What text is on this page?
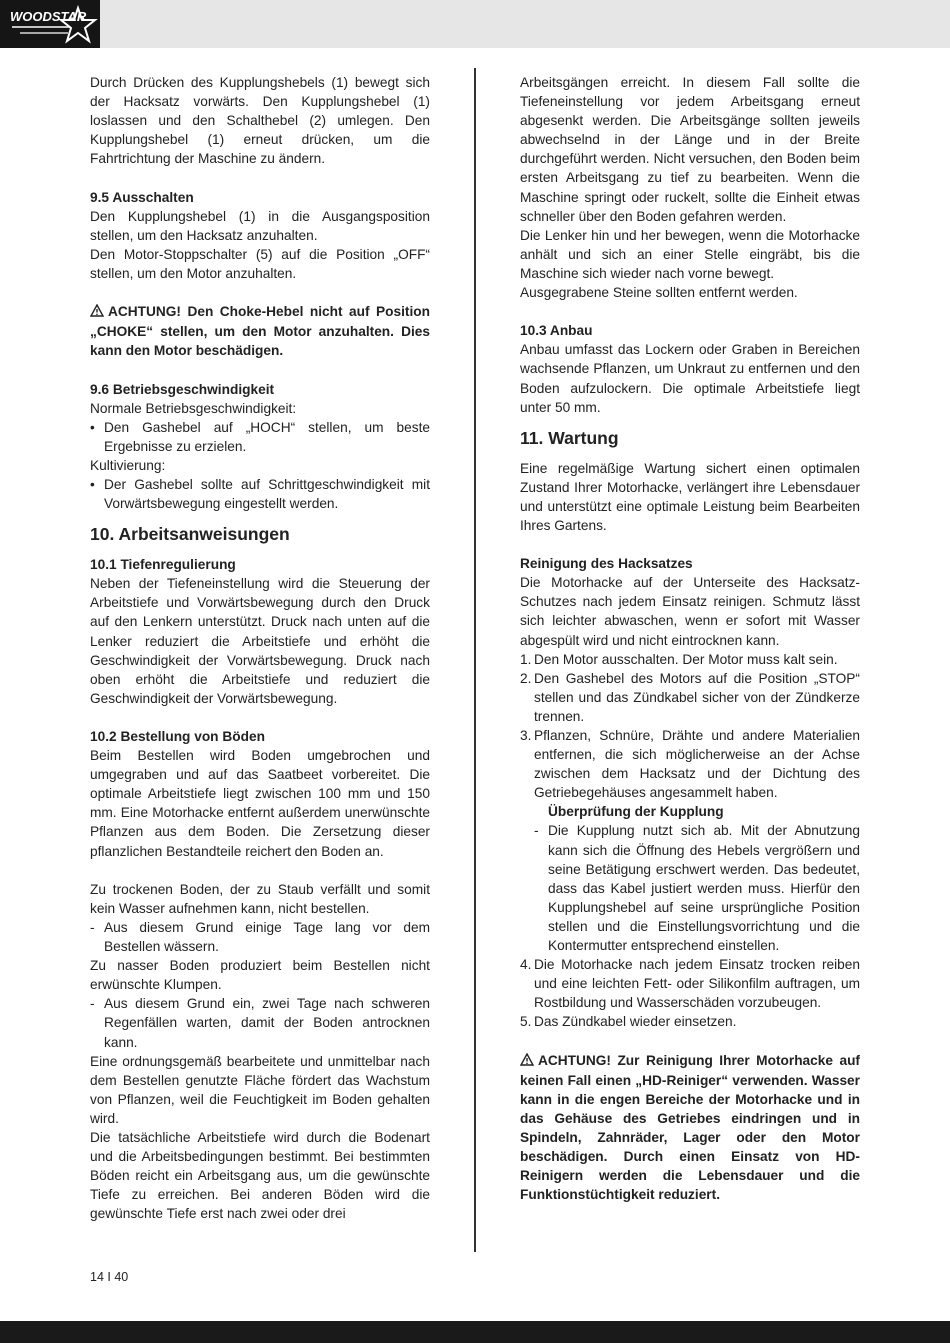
WOODSTAR

Durch Drücken des Kupplungshebels (1) bewegt sich der Hacksatz vorwärts. Den Kupplungshebel (1) loslassen und den Schalthebel (2) umlegen. Den Kupplungshebel (1) erneut drücken, um die Fahrtrichtung der Maschine zu ändern.

9.5 Ausschalten

Den Kupplungshebel (1) in die Ausgangsposition stellen, um den Hacksatz anzuhalten.

Den Motor-Stoppschalter (5) auf die Position „OFF“ stellen, um den Motor anzuhalten.

ACHTUNG! Den Choke-Hebel nicht auf Position „CHOKE“ stellen, um den Motor anzuhalten. Dies kann den Motor beschädigen.

9.6 Betriebsgeschwindigkeit

Normale Betriebsgeschwindigkeit:

• Den Gashebel auf „HOCH“ stellen, um beste Ergebnisse zu erzielen.

Kultivierung:

• Der Gashebel sollte auf Schrittgeschwindigkeit mit Vorwärtsbewegung eingestellt werden.

10. Arbeitsanweisungen

10.1 Tiefenregulierung

Neben der Tiefeneinstellung wird die Steuerung der Arbeitstiefe und Vorwärtsbewegung durch den Druck auf den Lenkern unterstützt. Druck nach unten auf die Lenker reduziert die Arbeitstiefe und erhöht die Geschwindigkeit der Vorwärtsbewegung. Druck nach oben erhöht die Arbeitstiefe und reduziert die Geschwindigkeit der Vorwärtsbewegung.

10.2 Bestellung von Böden

Beim Bestellen wird Boden umgebrochen und umgegraben und auf das Saatbeet vorbereitet. Die optimale Arbeitstiefe liegt zwischen 100 mm und 150 mm. Eine Motorhacke entfernt außerdem unerwünschte Pflanzen aus dem Boden. Die Zersetzung dieser pflanzlichen Bestandteile reichert den Boden an.

Zu trockenen Boden, der zu Staub verfällt und somit kein Wasser aufnehmen kann, nicht bestellen.

- Aus diesem Grund einige Tage lang vor dem Bestellen wässern.

Zu nasser Boden produziert beim Bestellen nicht erwünschte Klumpen.

- Aus diesem Grund ein, zwei Tage nach schweren Regenfällen warten, damit der Boden antrocknen kann.

Eine ordnungsgemäß bearbeitete und unmittelbar nach dem Bestellen genutzte Fläche fördert das Wachstum von Pflanzen, weil die Feuchtigkeit im Boden gehalten wird.

Die tatsächliche Arbeitstiefe wird durch die Bodenart und die Arbeitsbedingungen bestimmt. Bei bestimmten Böden reicht ein Arbeitsgang aus, um die gewünschte Tiefe zu erreichen. Bei anderen Böden wird die gewünschte Tiefe erst nach zwei oder drei

Arbeitsgängen erreicht. In diesem Fall sollte die Tiefeneinstellung vor jedem Arbeitsgang erneut abgesenkt werden. Die Arbeitsgänge sollten jeweils abwechselnd in der Länge und in der Breite durchgeführt werden. Nicht versuchen, den Boden beim ersten Arbeitsgang zu tief zu bearbeiten. Wenn die Maschine springt oder ruckelt, sollte die Einheit etwas schneller über den Boden gefahren werden.

Die Lenker hin und her bewegen, wenn die Motorhacke anhält und sich an einer Stelle eingräbt, bis die Maschine sich wieder nach vorne bewegt.

Ausgegrabene Steine sollten entfernt werden.

10.3 Anbau

Anbau umfasst das Lockern oder Graben in Bereichen wachsende Pflanzen, um Unkraut zu entfernen und den Boden aufzulockern. Die optimale Arbeitstiefe liegt unter 50 mm.

11. Wartung

Eine regelmäßige Wartung sichert einen optimalen Zustand Ihrer Motorhacke, verlängert ihre Lebensdauer und unterstützt eine optimale Leistung beim Bearbeiten Ihres Gartens.

Reinigung des Hacksatzes

Die Motorhacke auf der Unterseite des Hacksatz-Schutzes nach jedem Einsatz reinigen. Schmutz lässt sich leichter abwaschen, wenn er sofort mit Wasser abgespült wird und nicht eintrocknen kann.

1. Den Motor ausschalten. Der Motor muss kalt sein.
2. Den Gashebel des Motors auf die Position „STOP“ stellen und das Zündkabel sicher von der Zündkerze trennen.
3. Pflanzen, Schnüre, Drähte und andere Materialien entfernen, die sich möglicherweise an der Achse zwischen dem Hacksatz und der Dichtung des Getriebegehäuses angesammelt haben.

Überprüfung der Kupplung

- Die Kupplung nutzt sich ab. Mit der Abnutzung kann sich die Öffnung des Hebels vergrößern und seine Betätigung erschwert werden. Das bedeutet, dass das Kabel justiert werden muss. Hierfür den Kupplungshebel auf seine ursprüngliche Position stellen und die Einstellungsvorrichtung und die Kontermutter entsprechend einstellen.
4. Die Motorhacke nach jedem Einsatz trocken reiben und eine leichten Fett- oder Silikonfilm auftragen, um Rostbildung und Wasserschäden vorzubeugen.
5. Das Zündkabel wieder einsetzen.

ACHTUNG! Zur Reinigung Ihrer Motorhacke auf keinen Fall einen „HD-Reiniger“ verwenden. Wasser kann in die engen Bereiche der Motorhacke und in das Gehäuse des Getriebes eindringen und in Spindeln, Zahnräder, Lager oder den Motor beschädigen. Durch einen Einsatz von HD-Reinigern werden die Lebensdauer und die Funktionstüchtigkeit reduziert.

14 I 40
